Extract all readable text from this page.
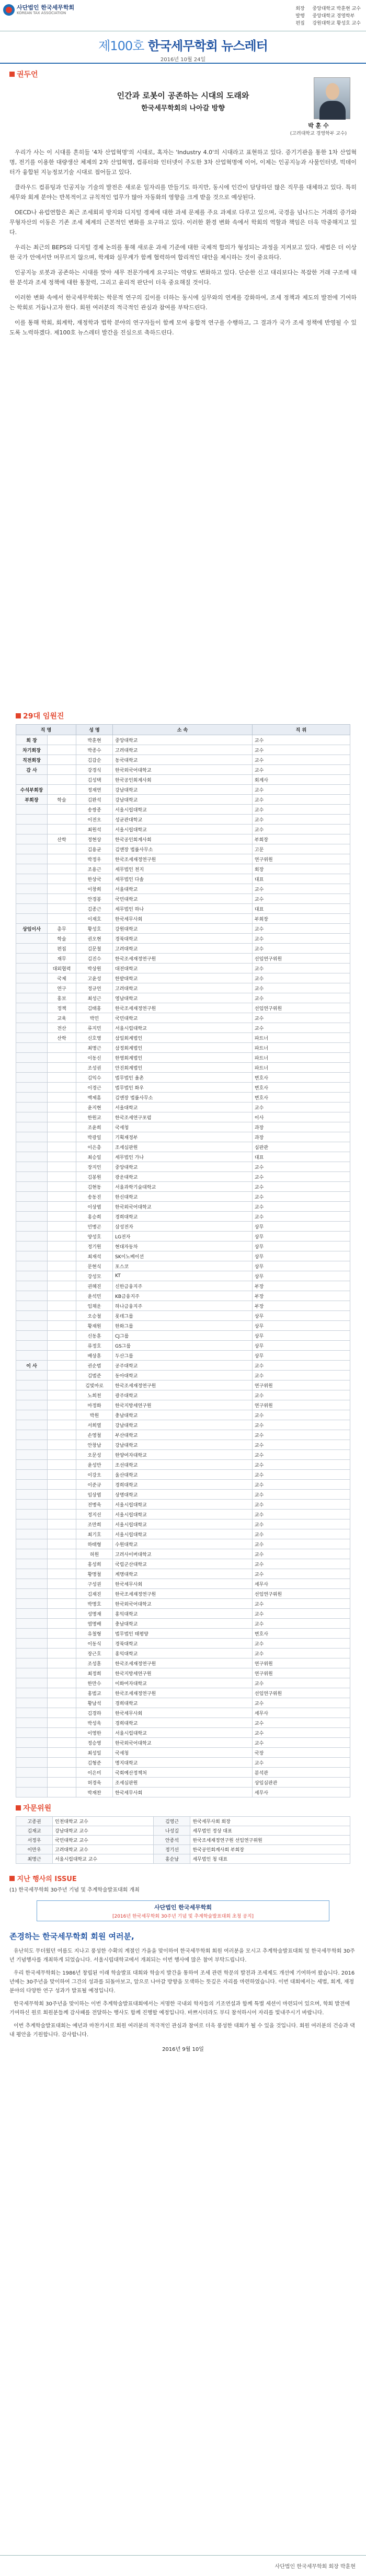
사단법인 한국세무학회
KOREAN TAX ASSOCIATION
회장	중앙대학교 박훈현 교수
발행	중앙대학교 경영학부
편집	강원대학교 황성호 교수
제100호 한국세무학회 뉴스레터
2016년 10월 24일
권두언
인간과 로봇이 공존하는 시대의 도래와
한국세무학회의 나아갈 방향
박 훈 수
(고려대학교 경영학부 교수)

우리가 사는 이 시대를 흔히들 '4차 산업혁명'의 시대로, 혹자는 'Industry 4.0'의 시대라고 표현하고 있다. 증기기관을 통한 1차 산업혁명, 전기를 이용한 대량생산 체제의 2차 산업혁명, 컴퓨터와 인터넷이 주도한 3차 산업혁명에 이어, 이제는 인공지능과 사물인터넷, 빅데이터가 융합된 지능정보기술 시대로 접어들고 있다.

클라우드 컴퓨팅과 인공지능 기술의 발전은 새로운 일자리를 만들기도 하지만, 동시에 인간이 담당하던 많은 직무를 대체하고 있다. 특히 세무와 회계 분야는 반복적이고 규칙적인 업무가 많아 자동화의 영향을 크게 받을 것으로 예상된다.

OECD나 유럽연합은 최근 조세회피 방지와 디지털 경제에 대한 과세 문제를 주요 과제로 다루고 있으며, 국경을 넘나드는 거래의 증가와 무형자산의 이동은 기존 조세 체계의 근본적인 변화를 요구하고 있다. 이러한 환경 변화 속에서 학회의 역할과 책임은 더욱 막중해지고 있다.

우리는 최근의 BEPS와 디지털 경제 논의를 통해 새로운 과세 기준에 대한 국제적 합의가 형성되는 과정을 지켜보고 있다. 세법은 더 이상 한 국가 안에서만 머무르지 않으며, 학계와 실무계가 함께 협력하여 합리적인 대안을 제시하는 것이 중요하다.

인공지능 로봇과 공존하는 시대를 맞아 세무 전문가에게 요구되는 역량도 변화하고 있다. 단순한 신고 대리보다는 복잡한 거래 구조에 대한 분석과 조세 정책에 대한 통찰력, 그리고 윤리적 판단이 더욱 중요해질 것이다.

이러한 변화 속에서 한국세무학회는 학문적 연구의 깊이를 더하는 동시에 실무와의 연계를 강화하여, 조세 정책과 제도의 발전에 기여하는 학회로 거듭나고자 한다. 회원 여러분의 적극적인 관심과 참여를 부탁드린다.

이를 통해 학회, 회계학, 재정학과 법학 분야의 연구자들이 함께 모여 융합적 연구를 수행하고, 그 결과가 국가 조세 정책에 반영될 수 있도록 노력하겠다. 제100호 뉴스레터 발간을 진심으로 축하드린다.

29대 임원진
직 명		성 명	소 속	직 위
회 장		박훈현	중앙대학교	교수
차기회장		박종수	고려대학교	교수
직전회장		김갑순	동국대학교	교수
감 사		강경식	한국외국어대학교	교수
		김성택	한국공인회계사회	회계사
수석부회장		정재연	강남대학교	교수
부회장	학술	김완석	강남대학교	교수
		송쌍종	서울시립대학교	교수
		이전오	성균관대학교	교수
		최원석	서울시립대학교	교수
	산학	정현상	한국공인회계사회	부회장
		김용균	김앤장 법률사무소	고문
		박정우	한국조세재정연구원	연구위원
		조용근	세무법인 천지	회장
		한상국	세무법인 다솔	대표
		이창희	서울대학교	교수
		안경봉	국민대학교	교수
		김종근	세무법인 하나	대표
		이재호	한국세무사회	부회장
상임이사	총무	황성호	강원대학교	교수
	학술	권오현	경북대학교	교수
	편집	김문철	고려대학교	교수
	재무	김진수	한국조세재정연구원	선임연구위원
	대외협력	박상원	대전대학교	교수
	국제	고윤성	한밭대학교	교수
	연구	정규언	고려대학교	교수
	홍보	최성근	영남대학교	교수
	정책	김태홍	한국조세재정연구원	선임연구위원
	교육	박민	국민대학교	교수
	전산	류지민	서울시립대학교	교수
	산학	신호영	삼일회계법인	파트너
		최명근	삼정회계법인	파트너
		이동신	한영회계법인	파트너
		조성권	안진회계법인	파트너
		김익수	법무법인 율촌	변호사
		이경근	법무법인 화우	변호사
		백제흠	김앤장 법률사무소	변호사
		윤지현	서울대학교	교수
		한원교	한국조세연구포럼	이사
		조윤희	국세청	과장
		박광일	기획재정부	과장
		이은총	조세심판원	심판관
		최승일	세무법인 가나	대표
		장지인	중앙대학교	교수
		김봉원	광운대학교	교수
		김현동	서울과학기술대학교	교수
		송동진	한신대학교	교수
		이상엽	한국외국어대학교	교수
		홍승희	경희대학교	교수
		민병곤	삼성전자	상무
		양성호	LG전자	상무
		정기원	현대자동차	상무
		최재석	SK이노베이션	상무
		문현식	포스코	상무
		강성모	KT	상무
		권혜진	신한금융지주	부장
		윤석민	KB금융지주	부장
		임채운	하나금융지주	부장
		오승철	롯데그룹	상무
		황재원	한화그룹	상무
		신동훈	CJ그룹	상무
		류정호	GS그룹	상무
		배상훈	두산그룹	상무
이 사		권순범	공주대학교	교수
		김범준	동아대학교	교수
		김빛마로	한국조세재정연구원	연구위원
		노희천	광주대학교	교수
		마정화	한국지방세연구원	연구위원
		박원	충남대학교	교수
		서희열	강남대학교	교수
		손영철	부산대학교	교수
		안창남	강남대학교	교수
		오문성	한양여자대학교	교수
		윤성만	조선대학교	교수
		이강오	울산대학교	교수
		이준규	경희대학교	교수
		임상엽	상명대학교	교수
		전병욱	서울시립대학교	교수
		정지선	서울시립대학교	교수
		조만희	서울시립대학교	교수
		최기호	서울시립대학교	교수
		하태형	수원대학교	교수
		허원	고려사이버대학교	교수
		홍성희	국립군산대학교	교수
		황명철	계명대학교	교수
		구성권	한국세무사회	세무사
		김재진	한국조세재정연구원	선임연구위원
		박명호	한국외국어대학교	교수
		성명재	홍익대학교	교수
		염명배	충남대학교	교수
		유철형	법무법인 태평양	변호사
		이동식	경북대학교	교수
		장근호	홍익대학교	교수
		조성훈	한국조세재정연구원	연구위원
		최정희	한국지방세연구원	연구위원
		한만수	이화여자대학교	교수
		홍범교	한국조세재정연구원	선임연구위원
		황남석	경희대학교	교수
		김경하	한국세무사회	세무사
		박성욱	경희대학교	교수
		이영한	서울시립대학교	교수
		정승영	한국외국어대학교	교수
		최성일	국세청	국장
		김형준	명지대학교	교수
		이은미	국회예산정책처	분석관
		허경욱	조세심판원	상임심판관
		박재찬	한국세무사회	세무사
자문위원
고종권	인천대학교 교수	김영근	한국세무사회 회장
김재교	강남대학교 교수	나성길	세무법인 정상 대표
서정우	국민대학교 교수	안종석	한국조세재정연구원 선임연구위원
이만우	고려대학교 교수	정기선	한국공인회계사회 부회장
최명근	서울시립대학교 교수	홍순남	세무법인 청 대표
지난 행사의 ISSUE
(1) 한국세무학회 30주년 기념 및 추계학술발표대회 개최
사단법인 한국세무학회
[2016년 한국세무학회 30주년 기념 및 추계학술발표대회 초청 공지]
존경하는 한국세무학회 회원 여러분,

유난히도 무더웠던 여름도 지나고 풍성한 수확의 계절인 가을을 맞이하여 한국세무학회 회원 여러분을 모시고 추계학술발표대회 및 한국세무학회 30주년 기념행사를 개최하게 되었습니다. 서울시립대학교에서 개최되는 이번 행사에 많은 참여 부탁드립니다.

우리 한국세무학회는 1986년 창립된 이래 학술발표 대회와 학술지 발간을 통하여 조세 관련 학문의 발전과 조세제도 개선에 기여하여 왔습니다. 2016년에는 30주년을 맞이하여 그간의 성과를 되돌아보고, 앞으로 나아갈 방향을 모색하는 뜻깊은 자리를 마련하였습니다. 이번 대회에서는 세법, 회계, 재정 분야의 다양한 연구 성과가 발표될 예정입니다.

한국세무학회 30주년을 맞이하는 이번 추계학술발표대회에서는 저명한 국내외 학자들의 기조연설과 함께 특별 세션이 마련되어 있으며, 학회 발전에 기여하신 원로 회원분들께 감사패를 전달하는 행사도 함께 진행할 예정입니다. 바쁘시더라도 부디 참석하시어 자리를 빛내주시기 바랍니다.

이번 추계학술발표대회는 예년과 마찬가지로 회원 여러분의 적극적인 관심과 참여로 더욱 풍성한 대회가 될 수 있을 것입니다. 회원 여러분의 건승과 댁내 평안을 기원합니다. 감사합니다.

2016년 9월 10일
사단법인 한국세무학회 회장 박훈현
